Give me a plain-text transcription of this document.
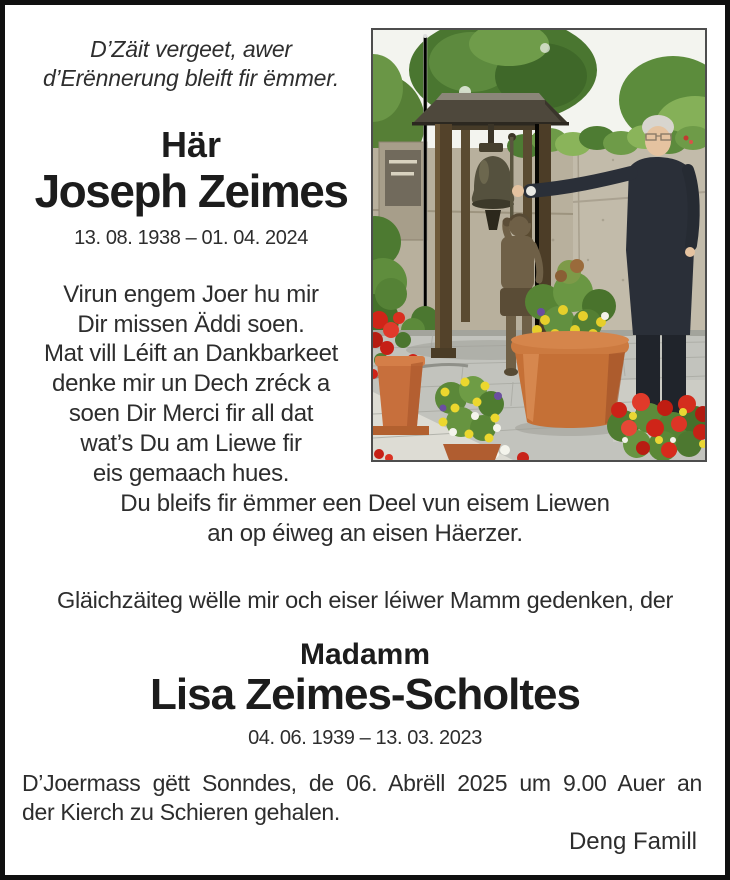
D’Zäit vergeet, awer
d’Erënnerung bleift fir ëmmer.
Här
Joseph Zeimes
13. 08. 1938 – 01. 04. 2024
Virun engem Joer hu mir
Dir missen Äddi soen.
Mat vill Léift an Dankbarkeet
denke mir un Dech zréck a
soen Dir Merci fir all dat
wat’s Du am Liewe fir
eis gemaach hues.
Du bleifs fir ëmmer een Deel vun eisem Liewen
an op éiweg an eisen Häerzer.
Gläichzäiteg wëlle mir och eiser léiwer Mamm gedenken, der
Madamm
Lisa Zeimes-Scholtes
04. 06. 1939 – 13. 03. 2023
D’Joermass gëtt Sonndes, de 06. Abrëll 2025 um 9.00 Auer an
der Kierch zu Schieren gehalen.
Deng Famill
